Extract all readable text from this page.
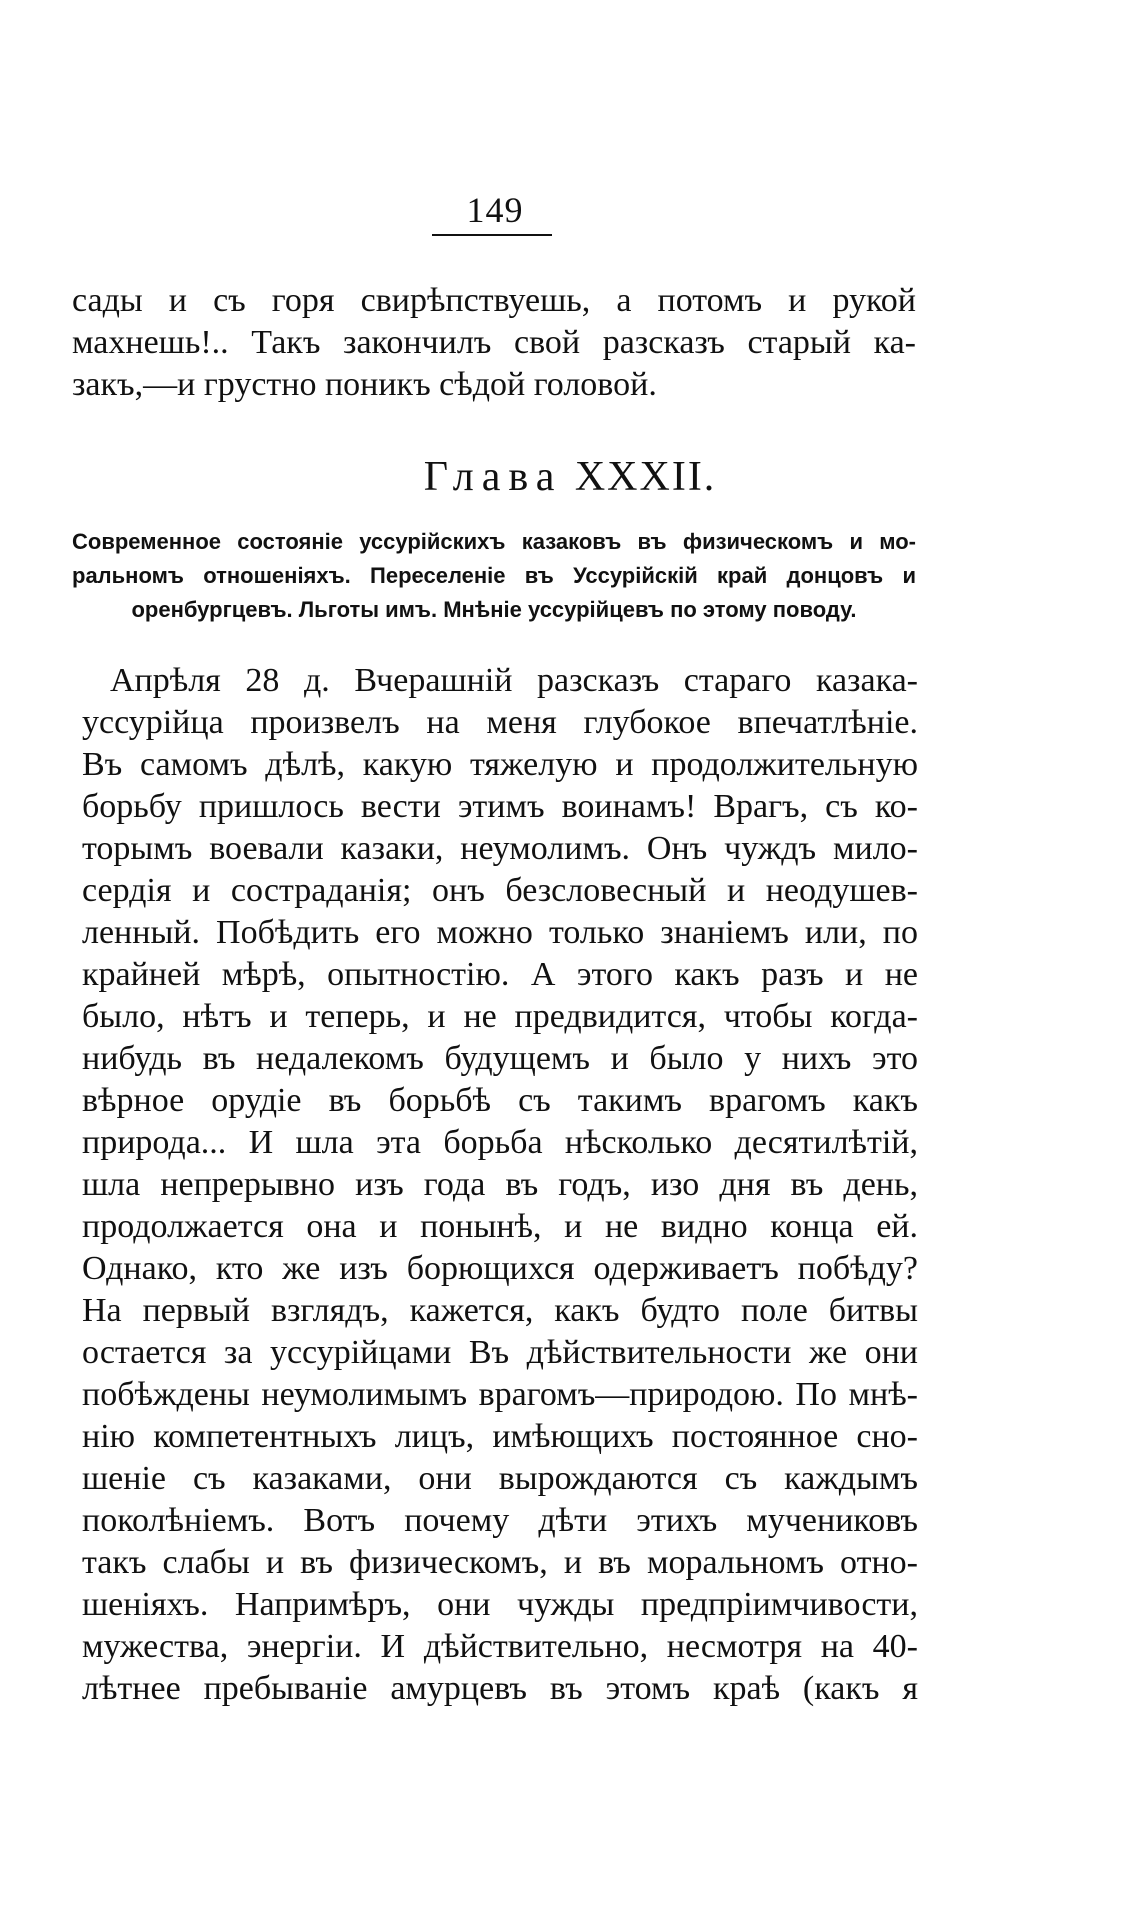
149
сады и съ горя свирѣпствуешь, а потомъ и рукой
махнешь!.. Такъ закончилъ свой разсказъ старый ка-
закъ,—и грустно поникъ сѣдой головой.
Глава XXXII.
Современное состояніе уссурійскихъ казаковъ въ физическомъ и мо-
ральномъ отношеніяхъ. Переселеніе въ Уссурійскій край донцовъ и
оренбургцевъ. Льготы имъ. Мнѣніе уссурійцевъ по этому поводу.
Апрѣля 28 д. Вчерашній разсказъ стараго казака-
уссурійца произвелъ на меня глубокое впечатлѣніе.
Въ самомъ дѣлѣ, какую тяжелую и продолжительную
борьбу пришлось вести этимъ воинамъ! Врагъ, съ ко-
торымъ воевали казаки, неумолимъ. Онъ чуждъ мило-
сердія и состраданія; онъ безсловесный и неодушев-
ленный. Побѣдить его можно только знаніемъ или, по
крайней мѣрѣ, опытностію. А этого какъ разъ и не
было, нѣтъ и теперь, и не предвидится, чтобы когда-
нибудь въ недалекомъ будущемъ и было у нихъ это
вѣрное орудіе въ борьбѣ съ такимъ врагомъ какъ
природа... И шла эта борьба нѣсколько десятилѣтій,
шла непрерывно изъ года въ годъ, изо дня въ день,
продолжается она и понынѣ, и не видно конца ей.
Однако, кто же изъ борющихся одерживаетъ побѣду?
На первый взглядъ, кажется, какъ будто поле битвы
остается за уссурійцами Въ дѣйствительности же они
побѣждены неумолимымъ врагомъ—природою. По мнѣ-
нію компетентныхъ лицъ, имѣющихъ постоянное сно-
шеніе съ казаками, они вырождаются съ каждымъ
поколѣніемъ. Вотъ почему дѣти этихъ мучениковъ
такъ слабы и въ физическомъ, и въ моральномъ отно-
шеніяхъ. Напримѣръ, они чужды предпріимчивости,
мужества, энергіи. И дѣйствительно, несмотря на 40-
лѣтнее пребываніе амурцевъ въ этомъ краѣ (какъ я
